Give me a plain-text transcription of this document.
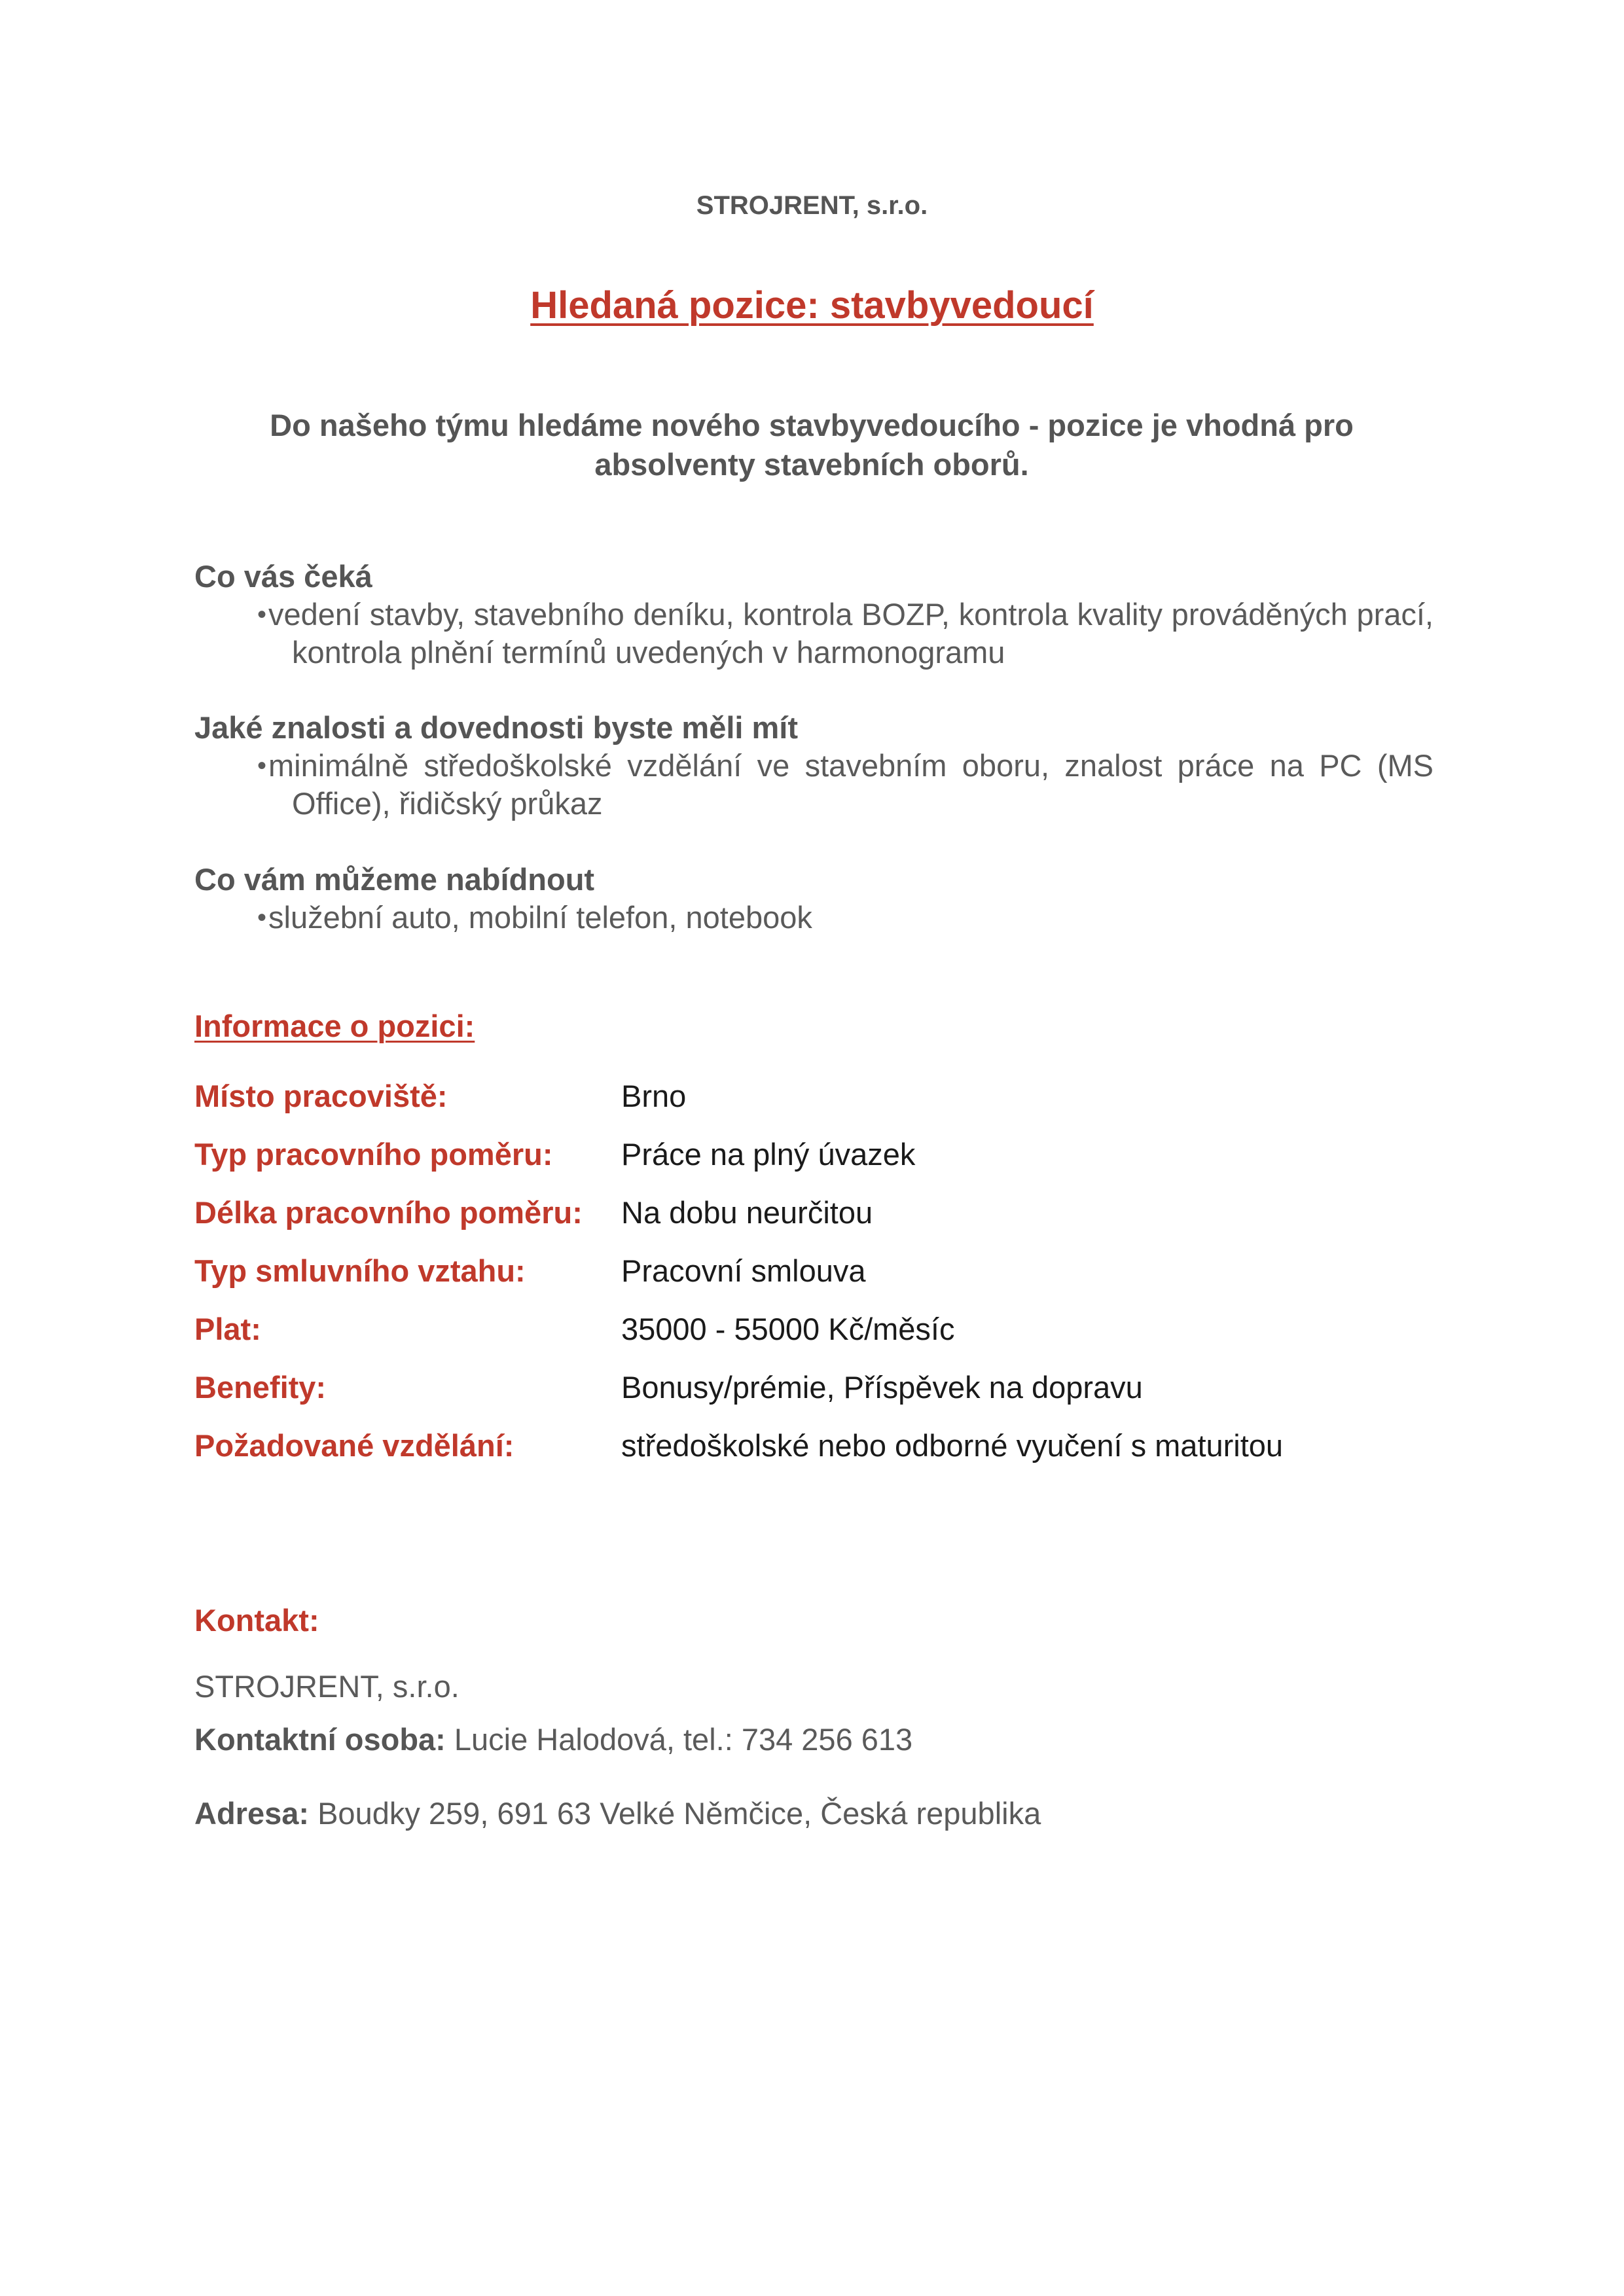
STROJRENT, s.r.o.
Hledaná pozice: stavbyvedoucí
Do našeho týmu hledáme nového stavbyvedoucího - pozice je vhodná pro
absolventy stavebních oborů.
Co vás čeká
• vedení stavby, stavebního deníku, kontrola BOZP, kontrola kvality prováděných prací, kontrola plnění termínů uvedených v harmonogramu
Jaké znalosti a dovednosti byste měli mít
• minimálně středoškolské vzdělání ve stavebním oboru, znalost práce na PC (MS Office), řidičský průkaz
Co vám můžeme nabídnout
• služební auto, mobilní telefon, notebook
Informace o pozici:
Místo pracoviště:	Brno
Typ pracovního poměru: Práce na plný úvazek
Délka pracovního poměru: Na dobu neurčitou
Typ smluvního vztahu:	Pracovní smlouva
Plat:	35000 - 55000 Kč/měsíc
Benefity:	Bonusy/prémie, Příspěvek na dopravu
Požadované vzdělání:	středoškolské nebo odborné vyučení s maturitou
Kontakt:
STROJRENT, s.r.o.
Kontaktní osoba: Lucie Halodová, tel.: 734 256 613
Adresa: Boudky 259, 691 63 Velké Němčice, Česká republika
